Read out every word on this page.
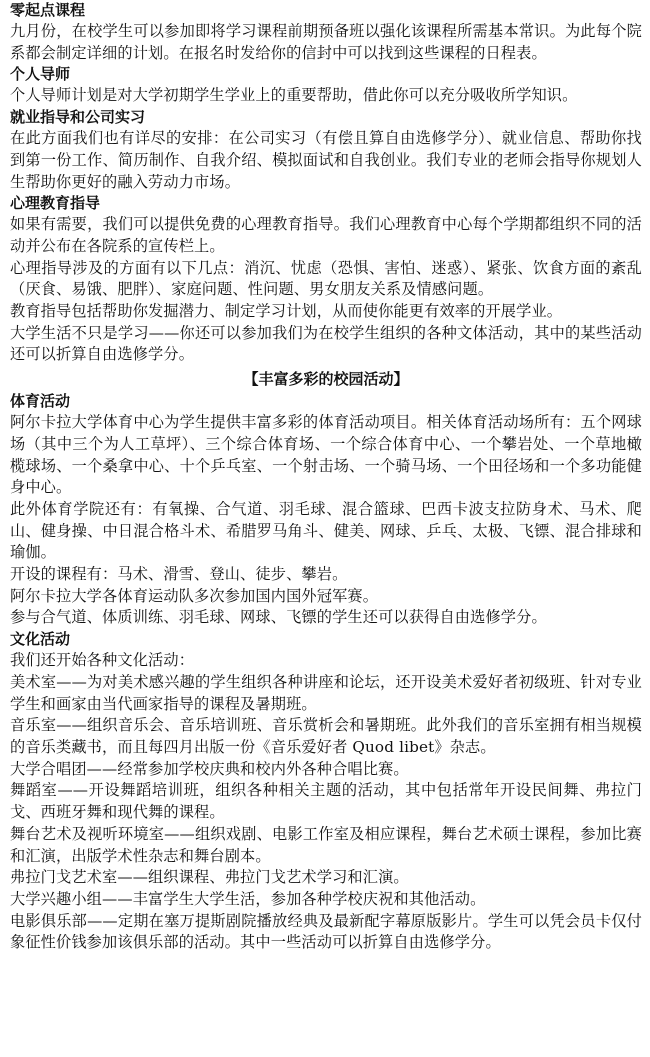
零起点课程

九月份，在校学生可以参加即将学习课程前期预备班以强化该课程所需基本常识。为此每个院系都会制定详细的计划。在报名时发给你的信封中可以找到这些课程的日程表。

个人导师

个人导师计划是对大学初期学生学业上的重要帮助，借此你可以充分吸收所学知识。

就业指导和公司实习

在此方面我们也有详尽的安排：在公司实习（有偿且算自由选修学分）、就业信息、帮助你找到第一份工作、简历制作、自我介绍、模拟面试和自我创业。我们专业的老师会指导你规划人生帮助你更好的融入劳动力市场。

心理教育指导

如果有需要，我们可以提供免费的心理教育指导。我们心理教育中心每个学期都组织不同的活动并公布在各院系的宣传栏上。

心理指导涉及的方面有以下几点：消沉、忧虑（恐惧、害怕、迷惑）、紧张、饮食方面的紊乱（厌食、易饿、肥胖）、家庭问题、性问题、男女朋友关系及情感问题。

教育指导包括帮助你发掘潜力、制定学习计划，从而使你能更有效率的开展学业。

大学生活不只是学习——你还可以参加我们为在校学生组织的各种文体活动，其中的某些活动还可以折算自由选修学分。

【丰富多彩的校园活动】
体育活动

阿尔卡拉大学体育中心为学生提供丰富多彩的体育活动项目。相关体育活动场所有：五个网球场（其中三个为人工草坪）、三个综合体育场、一个综合体育中心、一个攀岩处、一个草地橄榄球场、一个桑拿中心、十个乒乓室、一个射击场、一个骑马场、一个田径场和一个多功能健身中心。

此外体育学院还有：有氧操、合气道、羽毛球、混合篮球、巴西卡波支拉防身术、马术、爬山、健身操、中日混合格斗术、希腊罗马角斗、健美、网球、乒乓、太极、飞镖、混合排球和瑜伽。

开设的课程有：马术、滑雪、登山、徒步、攀岩。

阿尔卡拉大学各体育运动队多次参加国内国外冠军赛。

参与合气道、体质训练、羽毛球、网球、飞镖的学生还可以获得自由选修学分。

文化活动

我们还开始各种文化活动：

美术室——为对美术感兴趣的学生组织各种讲座和论坛，还开设美术爱好者初级班、针对专业学生和画家由当代画家指导的课程及暑期班。

音乐室——组织音乐会、音乐培训班、音乐赏析会和暑期班。此外我们的音乐室拥有相当规模的音乐类藏书，而且每四月出版一份《音乐爱好者 Quod libet》杂志。

大学合唱团——经常参加学校庆典和校内外各种合唱比赛。

舞蹈室——开设舞蹈培训班，组织各种相关主题的活动，其中包括常年开设民间舞、弗拉门戈、西班牙舞和现代舞的课程。

舞台艺术及视听环境室——组织戏剧、电影工作室及相应课程，舞台艺术硕士课程，参加比赛和汇演，出版学术性杂志和舞台剧本。

弗拉门戈艺术室——组织课程、弗拉门戈艺术学习和汇演。

大学兴趣小组——丰富学生大学生活，参加各种学校庆祝和其他活动。

电影俱乐部——定期在塞万提斯剧院播放经典及最新配字幕原版影片。学生可以凭会员卡仅付象征性价钱参加该俱乐部的活动。其中一些活动可以折算自由选修学分。
